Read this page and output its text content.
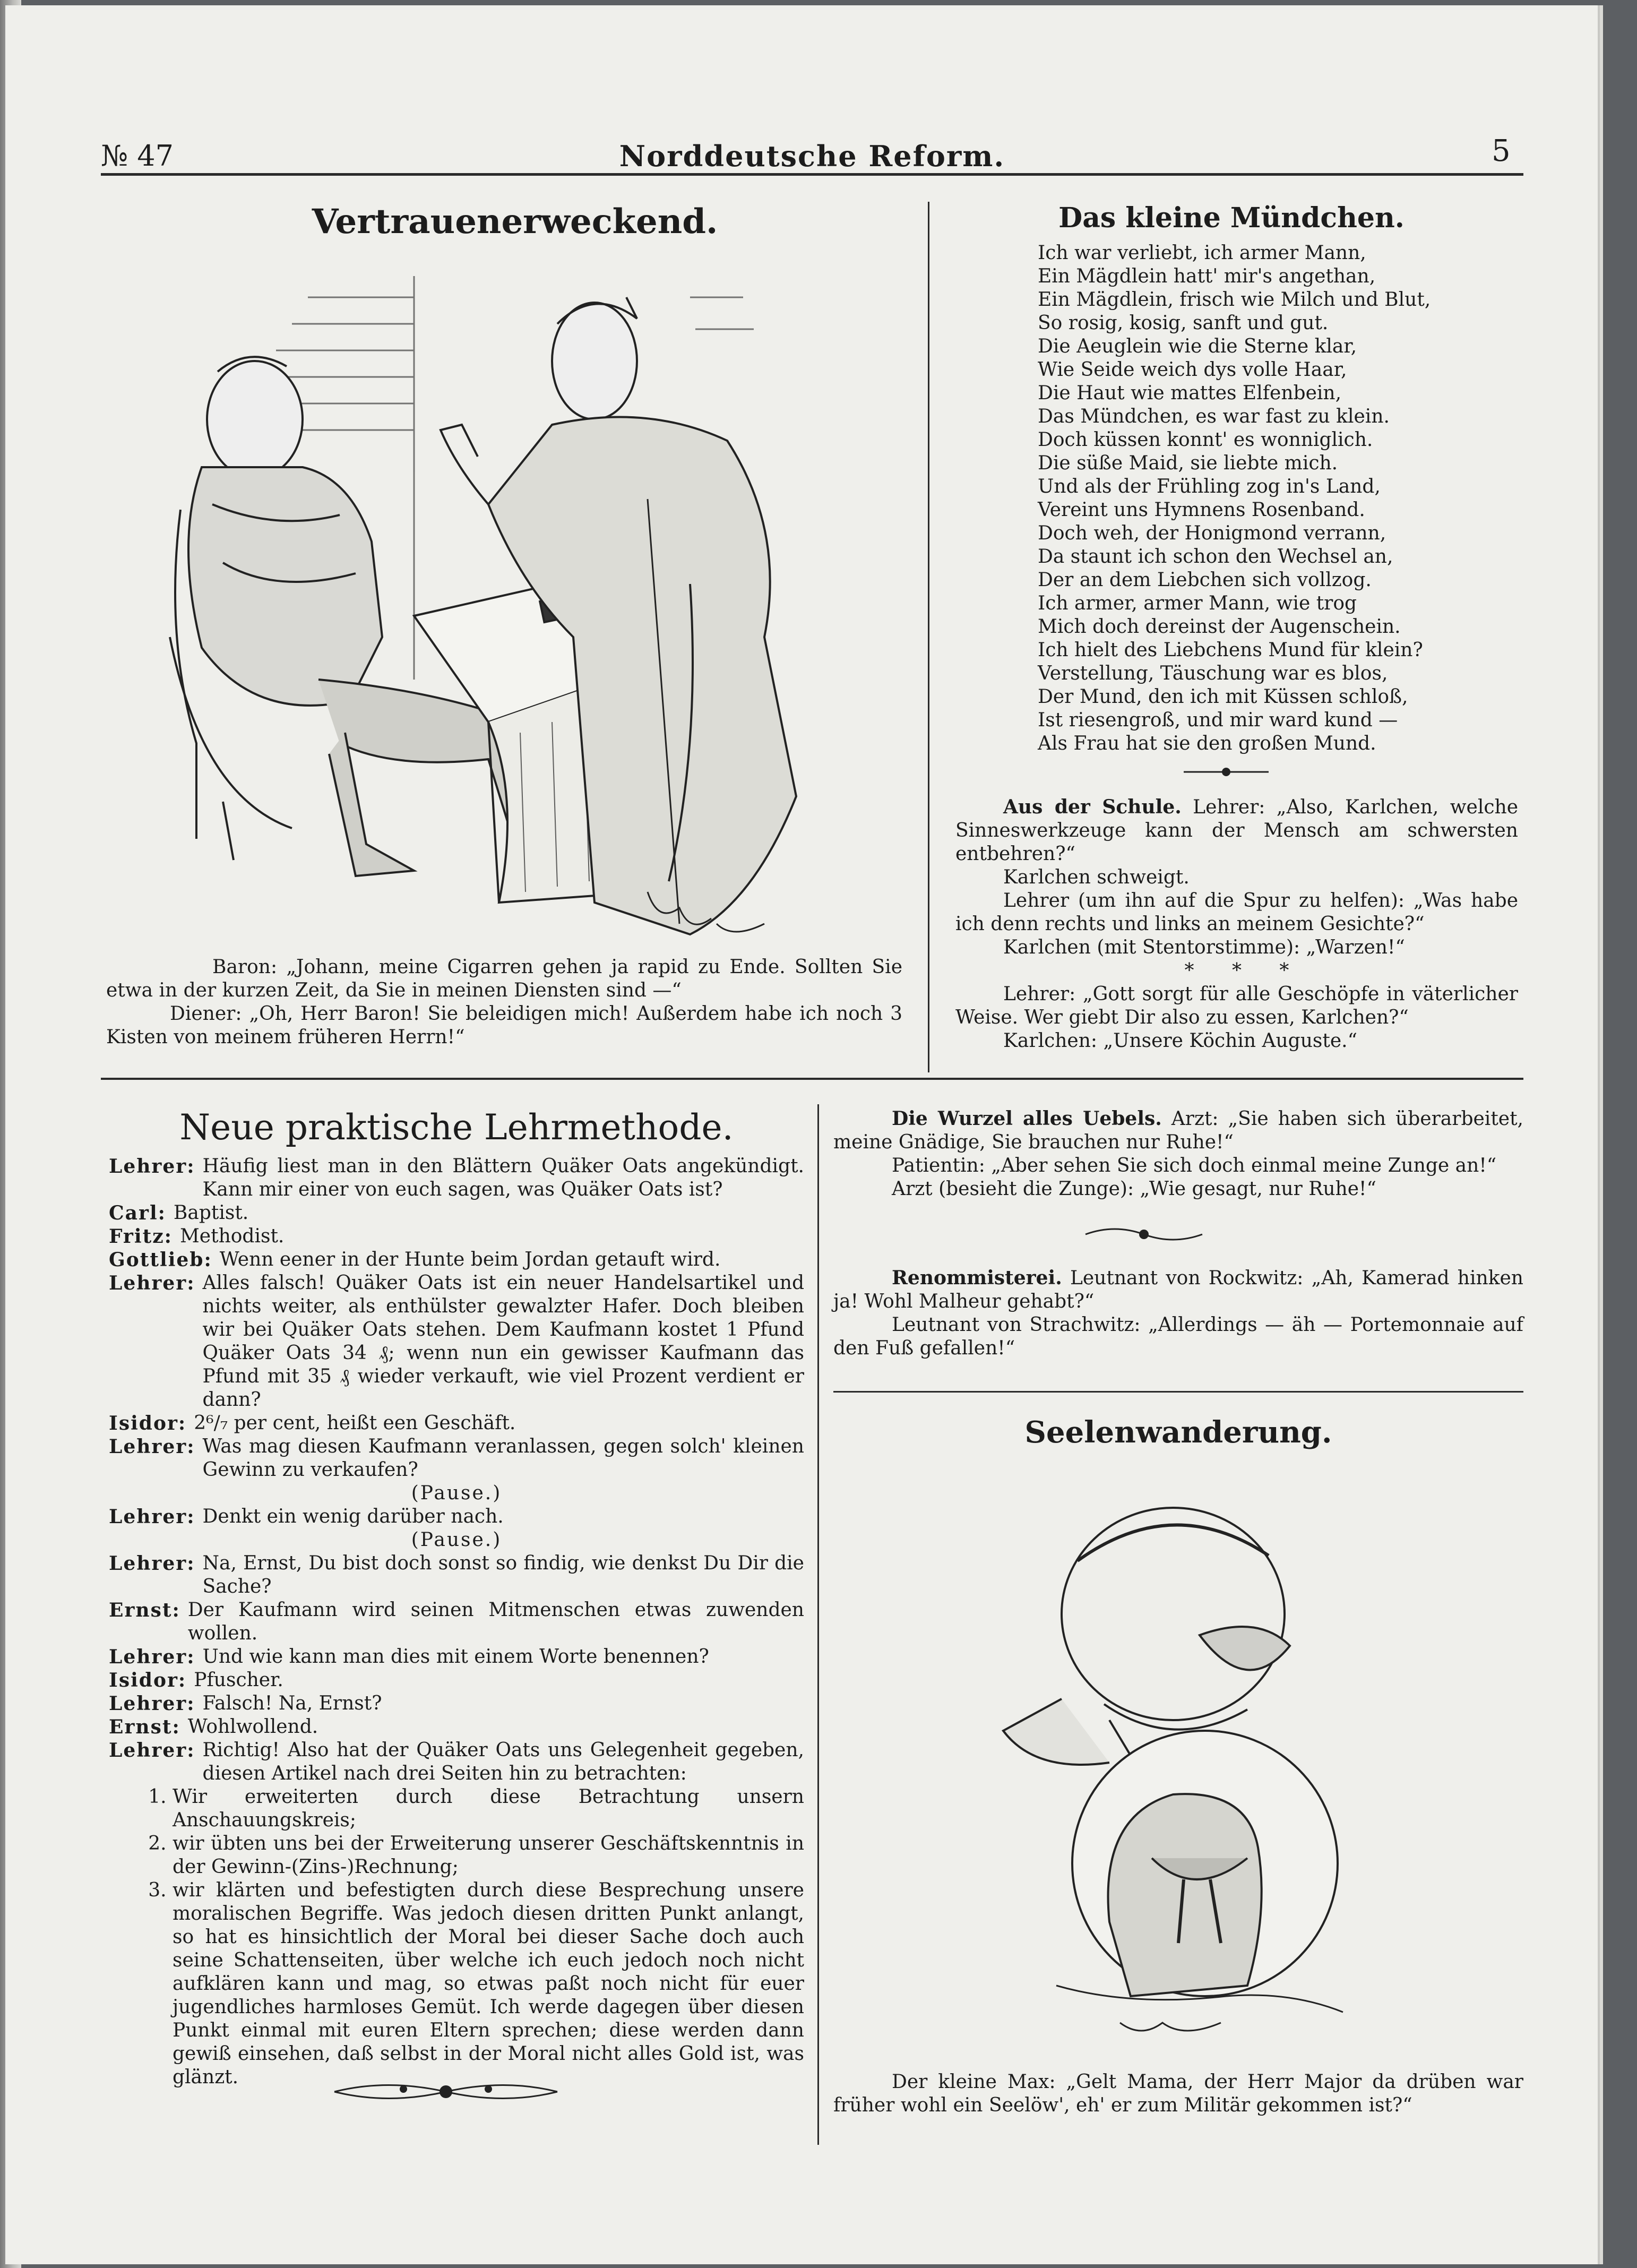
№ 47	Norddeutsche Reform.	5
Vertrauenerweckend.

Baron: „Johann, meine Cigarren gehen ja rapid zu Ende. Sollten Sie etwa in der kurzen Zeit, da Sie in meinen Diensten sind —“

Diener: „Oh, Herr Baron! Sie beleidigen mich! Außerdem habe ich noch 3 Kisten von meinem früheren Herrn!“

Das kleine Mündchen.
Ich war verliebt, ich armer Mann,
Ein Mägdlein hatt' mir's angethan,
Ein Mägdlein, frisch wie Milch und Blut,
So rosig, kosig, sanft und gut.
Die Aeuglein wie die Sterne klar,
Wie Seide weich dys volle Haar,
Die Haut wie mattes Elfenbein,
Das Mündchen, es war fast zu klein.
Doch küssen konnt' es wonniglich.
Die süße Maid, sie liebte mich.
Und als der Frühling zog in's Land,
Vereint uns Hymnens Rosenband.
Doch weh, der Honigmond verrann,
Da staunt ich schon den Wechsel an,
Der an dem Liebchen sich vollzog.
Ich armer, armer Mann, wie trog
Mich doch dereinst der Augenschein.
Ich hielt des Liebchens Mund für klein?
Verstellung, Täuschung war es blos,
Der Mund, den ich mit Küssen schloß,
Ist riesengroß, und mir ward kund —
Als Frau hat sie den großen Mund.
Aus der Schule. Lehrer: „Also, Karlchen, welche Sinneswerkzeuge kann der Mensch am schwersten entbehren?“
Karlchen schweigt.
Lehrer (um ihn auf die Spur zu helfen): „Was habe ich denn rechts und links an meinem Gesichte?“
Karlchen (mit Stentorstimme): „Warzen!“
* * *
Lehrer: „Gott sorgt für alle Geschöpfe in väterlicher Weise. Wer giebt Dir also zu essen, Karlchen?“
Karlchen: „Unsere Köchin Auguste.“
Neue praktische Lehrmethode.
Lehrer: Häufig liest man in den Blättern Quäker Oats angekündigt. Kann mir einer von euch sagen, was Quäker Oats ist?
Carl: Baptist.
Fritz: Methodist.
Gottlieb: Wenn eener in der Hunte beim Jordan getauft wird.
Lehrer: Alles falsch! Quäker Oats ist ein neuer Handelsartikel und nichts weiter, als enthülster gewalzter Hafer. Doch bleiben wir bei Quäker Oats stehen. Dem Kaufmann kostet 1 Pfund Quäker Oats 34 ₰; wenn nun ein gewisser Kaufmann das Pfund mit 35 ₰ wieder verkauft, wie viel Prozent verdient er dann?
Isidor: 2⁶/₇ per cent, heißt een Geschäft.
Lehrer: Was mag diesen Kaufmann veranlassen, gegen solch' kleinen Gewinn zu verkaufen?
(Pause.)
Lehrer: Denkt ein wenig darüber nach.
(Pause.)
Lehrer: Na, Ernst, Du bist doch sonst so findig, wie denkst Du Dir die Sache?
Ernst: Der Kaufmann wird seinen Mitmenschen etwas zuwenden wollen.
Lehrer: Und wie kann man dies mit einem Worte benennen?
Isidor: Pfuscher.
Lehrer: Falsch! Na, Ernst?
Ernst: Wohlwollend.
Lehrer: Richtig! Also hat der Quäker Oats uns Gelegenheit gegeben, diesen Artikel nach drei Seiten hin zu betrachten:
1. Wir erweiterten durch diese Betrachtung unsern Anschauungskreis;
2. wir übten uns bei der Erweiterung unserer Geschäftskenntnis in der Gewinn-(Zins-)Rechnung;
3. wir klärten und befestigten durch diese Besprechung unsere moralischen Begriffe. Was jedoch diesen dritten Punkt anlangt, so hat es hinsichtlich der Moral bei dieser Sache doch auch seine Schattenseiten, über welche ich euch jedoch noch nicht aufklären kann und mag, so etwas paßt noch nicht für euer jugendliches harmloses Gemüt. Ich werde dagegen über diesen Punkt einmal mit euren Eltern sprechen; diese werden dann gewiß einsehen, daß selbst in der Moral nicht alles Gold ist, was glänzt.
Die Wurzel alles Uebels. Arzt: „Sie haben sich überarbeitet, meine Gnädige, Sie brauchen nur Ruhe!“
Patientin: „Aber sehen Sie sich doch einmal meine Zunge an!“
Arzt (besieht die Zunge): „Wie gesagt, nur Ruhe!“
Renommisterei. Leutnant von Rockwitz: „Ah, Kamerad hinken ja! Wohl Malheur gehabt?“
Leutnant von Strachwitz: „Allerdings — äh — Portemonnaie auf den Fuß gefallen!“
Seelenwanderung.
Der kleine Max: „Gelt Mama, der Herr Major da drüben war früher wohl ein Seelöw', eh' er zum Militär gekommen ist?“
